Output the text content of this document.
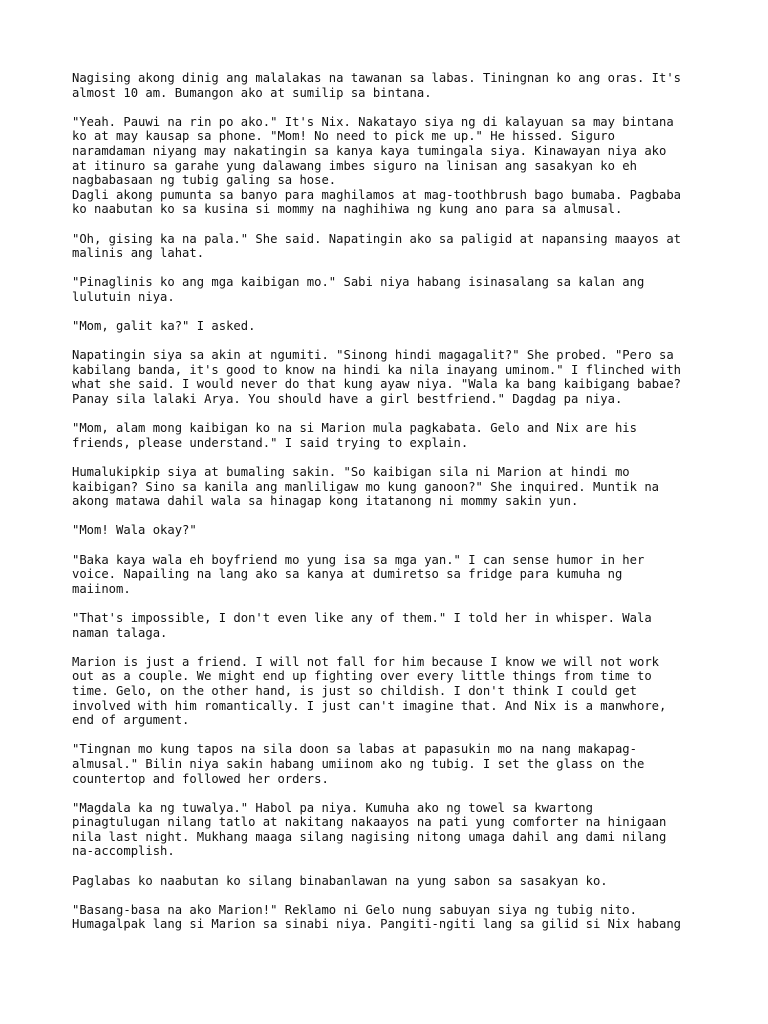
Nagising akong dinig ang malalakas na tawanan sa labas. Tiningnan ko ang oras. It's
almost 10 am. Bumangon ako at sumilip sa bintana.

"Yeah. Pauwi na rin po ako." It's Nix. Nakatayo siya ng di kalayuan sa may bintana
ko at may kausap sa phone. "Mom! No need to pick me up." He hissed. Siguro
naramdaman niyang may nakatingin sa kanya kaya tumingala siya. Kinawayan niya ako
at itinuro sa garahe yung dalawang imbes siguro na linisan ang sasakyan ko eh
nagbabasaan ng tubig galing sa hose.

Dagli akong pumunta sa banyo para maghilamos at mag-toothbrush bago bumaba. Pagbaba
ko naabutan ko sa kusina si mommy na naghihiwa ng kung ano para sa almusal.

"Oh, gising ka na pala." She said. Napatingin ako sa paligid at napansing maayos at
malinis ang lahat.

"Pinaglinis ko ang mga kaibigan mo." Sabi niya habang isinasalang sa kalan ang
lulutuin niya.

"Mom, galit ka?" I asked.

Napatingin siya sa akin at ngumiti. "Sinong hindi magagalit?" She probed. "Pero sa
kabilang banda, it's good to know na hindi ka nila inayang uminom." I flinched with
what she said. I would never do that kung ayaw niya. "Wala ka bang kaibigang babae?
Panay sila lalaki Arya. You should have a girl bestfriend." Dagdag pa niya.

"Mom, alam mong kaibigan ko na si Marion mula pagkabata. Gelo and Nix are his
friends, please understand." I said trying to explain.

Humalukipkip siya at bumaling sakin. "So kaibigan sila ni Marion at hindi mo
kaibigan? Sino sa kanila ang manliligaw mo kung ganoon?" She inquired. Muntik na
akong matawa dahil wala sa hinagap kong itatanong ni mommy sakin yun.

"Mom! Wala okay?"

"Baka kaya wala eh boyfriend mo yung isa sa mga yan." I can sense humor in her
voice. Napailing na lang ako sa kanya at dumiretso sa fridge para kumuha ng
maiinom.

"That's impossible, I don't even like any of them." I told her in whisper. Wala
naman talaga.

Marion is just a friend. I will not fall for him because I know we will not work
out as a couple. We might end up fighting over every little things from time to
time. Gelo, on the other hand, is just so childish. I don't think I could get
involved with him romantically. I just can't imagine that. And Nix is a manwhore,
end of argument.

"Tingnan mo kung tapos na sila doon sa labas at papasukin mo na nang makapag-
almusal." Bilin niya sakin habang umiinom ako ng tubig. I set the glass on the
countertop and followed her orders.

"Magdala ka ng tuwalya." Habol pa niya. Kumuha ako ng towel sa kwartong
pinagtulugan nilang tatlo at nakitang nakaayos na pati yung comforter na hinigaan
nila last night. Mukhang maaga silang nagising nitong umaga dahil ang dami nilang
na-accomplish.

Paglabas ko naabutan ko silang binabanlawan na yung sabon sa sasakyan ko.

"Basang-basa na ako Marion!" Reklamo ni Gelo nung sabuyan siya ng tubig nito.
Humagalpak lang si Marion sa sinabi niya. Pangiti-ngiti lang sa gilid si Nix habang
